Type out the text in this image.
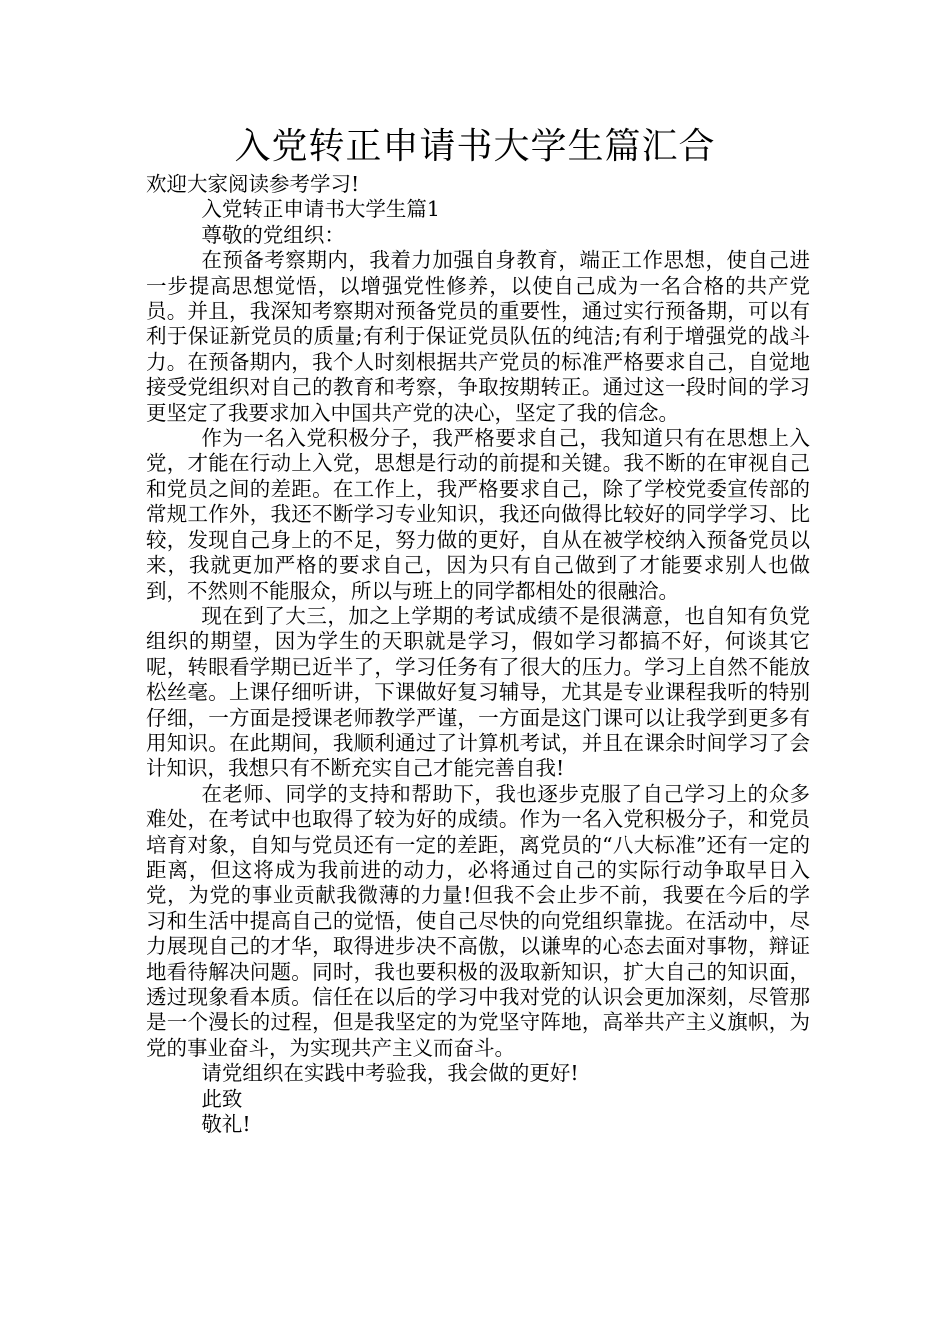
入党转正申请书大学生篇汇合

欢迎大家阅读参考学习!

入党转正申请书大学生篇1

尊敬的党组织：

在预备考察期内，我着力加强自身教育，端正工作思想，使自己进一步提高思想觉悟，以增强党性修养，以使自己成为一名合格的共产党员。并且，我深知考察期对预备党员的重要性，通过实行预备期，可以有利于保证新党员的质量;有利于保证党员队伍的纯洁;有利于增强党的战斗力。在预备期内，我个人时刻根据共产党员的标准严格要求自己，自觉地接受党组织对自己的教育和考察，争取按期转正。通过这一段时间的学习更坚定了我要求加入中国共产党的决心，坚定了我的信念。

作为一名入党积极分子，我严格要求自己，我知道只有在思想上入党，才能在行动上入党，思想是行动的前提和关键。我不断的在审视自己和党员之间的差距。在工作上，我严格要求自己，除了学校党委宣传部的常规工作外，我还不断学习专业知识，我还向做得比较好的同学学习、比较，发现自己身上的不足，努力做的更好，自从在被学校纳入预备党员以来，我就更加严格的要求自己，因为只有自己做到了才能要求别人也做到，不然则不能服众，所以与班上的同学都相处的很融洽。

现在到了大三，加之上学期的考试成绩不是很满意，也自知有负党组织的期望，因为学生的天职就是学习，假如学习都搞不好，何谈其它呢，转眼看学期已近半了，学习任务有了很大的压力。学习上自然不能放松丝毫。上课仔细听讲，下课做好复习辅导，尤其是专业课程我听的特别仔细，一方面是授课老师教学严谨，一方面是这门课可以让我学到更多有用知识。在此期间，我顺利通过了计算机考试，并且在课余时间学习了会计知识，我想只有不断充实自己才能完善自我!

在老师、同学的支持和帮助下，我也逐步克服了自己学习上的众多难处，在考试中也取得了较为好的成绩。作为一名入党积极分子，和党员培育对象，自知与党员还有一定的差距，离党员的“八大标准”还有一定的距离，但这将成为我前进的动力，必将通过自己的实际行动争取早日入党，为党的事业贡献我微薄的力量!但我不会止步不前，我要在今后的学习和生活中提高自己的觉悟，使自己尽快的向党组织靠拢。在活动中，尽力展现自己的才华，取得进步决不高傲，以谦卑的心态去面对事物，辩证地看待解决问题。同时，我也要积极的汲取新知识，扩大自己的知识面，透过现象看本质。信任在以后的学习中我对党的认识会更加深刻，尽管那是一个漫长的过程，但是我坚定的为党坚守阵地，高举共产主义旗帜，为党的事业奋斗，为实现共产主义而奋斗。

请党组织在实践中考验我，我会做的更好!

此致

敬礼!
